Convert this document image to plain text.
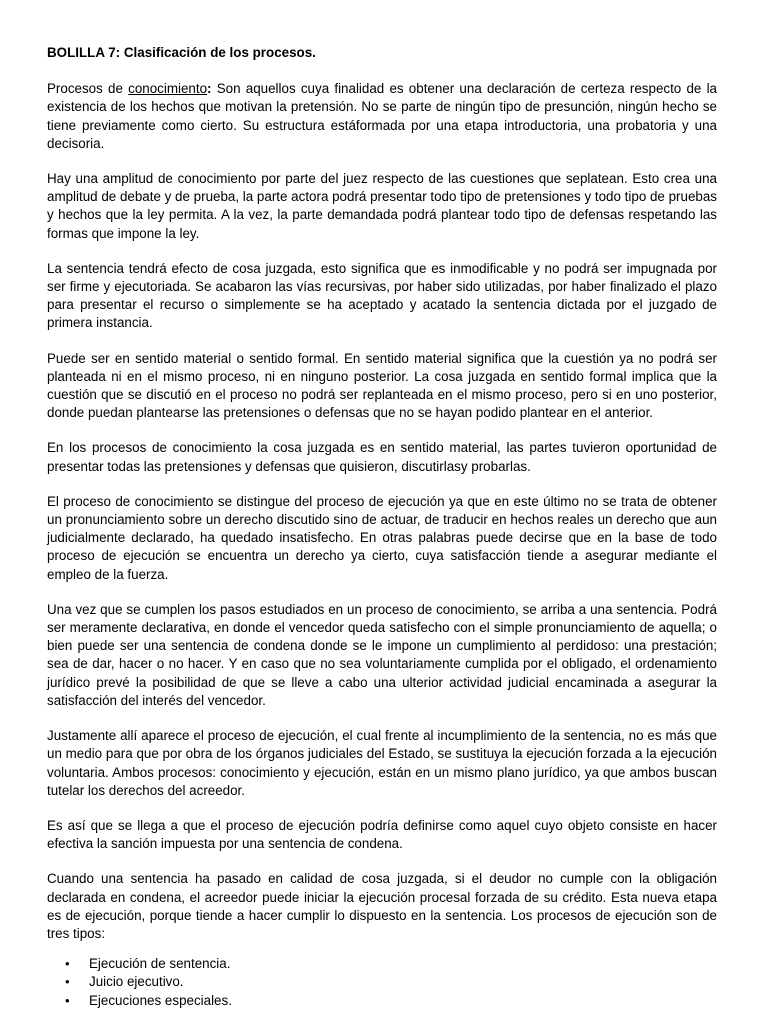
BOLILLA 7: Clasificación de los procesos.

Procesos de conocimiento: Son aquellos cuya finalidad es obtener una declaración de certeza respecto de la existencia de los hechos que motivan la pretensión. No se parte de ningún tipo de presunción, ningún hecho se tiene previamente como cierto. Su estructura estáformada por una etapa introductoria, una probatoria y una decisoria.

Hay una amplitud de conocimiento por parte del juez respecto de las cuestiones que seplatean. Esto crea una amplitud de debate y de prueba, la parte actora podrá presentar todo tipo de pretensiones y todo tipo de pruebas y hechos que la ley permita. A la vez, la parte demandada podrá plantear todo tipo de defensas respetando las formas que impone la ley.

La sentencia tendrá efecto de cosa juzgada, esto significa que es inmodificable y no podrá ser impugnada por ser firme y ejecutoriada. Se acabaron las vías recursivas, por haber sido utilizadas, por haber finalizado el plazo para presentar el recurso o simplemente se ha aceptado y acatado la sentencia dictada por el juzgado de primera instancia.

Puede ser en sentido material o sentido formal. En sentido material significa que la cuestión ya no podrá ser planteada ni en el mismo proceso, ni en ninguno posterior. La cosa juzgada en sentido formal implica que la cuestión que se discutió en el proceso no podrá ser replanteada en el mismo proceso, pero si en uno posterior, donde puedan plantearse las pretensiones o defensas que no se hayan podido plantear en el anterior.

En los procesos de conocimiento la cosa juzgada es en sentido material, las partes tuvieron oportunidad de presentar todas las pretensiones y defensas que quisieron, discutirlasy probarlas.

El proceso de conocimiento se distingue del proceso de ejecución ya que en este último no se trata de obtener un pronunciamiento sobre un derecho discutido sino de actuar, de traducir en hechos reales un derecho que aun judicialmente declarado, ha quedado insatisfecho. En otras palabras puede decirse que en la base de todo proceso de ejecución se encuentra un derecho ya cierto, cuya satisfacción tiende a asegurar mediante el empleo de la fuerza.

Una vez que se cumplen los pasos estudiados en un proceso de conocimiento, se arriba a una sentencia. Podrá ser meramente declarativa, en donde el vencedor queda satisfecho con el simple pronunciamiento de aquella; o bien puede ser una sentencia de condena donde se le impone un cumplimiento al perdidoso: una prestación; sea de dar, hacer o no hacer. Y en caso que no sea voluntariamente cumplida por el obligado, el ordenamiento jurídico prevé la posibilidad de que se lleve a cabo una ulterior actividad judicial encaminada a asegurar la satisfacción del interés del vencedor.

Justamente allí aparece el proceso de ejecución, el cual frente al incumplimiento de la sentencia, no es más que un medio para que por obra de los órganos judiciales del Estado, se sustituya la ejecución forzada a la ejecución voluntaria. Ambos procesos: conocimiento y ejecución, están en un mismo plano jurídico, ya que ambos buscan tutelar los derechos del acreedor.

Es así que se llega a que el proceso de ejecución podría definirse como aquel cuyo objeto consiste en hacer efectiva la sanción impuesta por una sentencia de condena.

Cuando una sentencia ha pasado en calidad de cosa juzgada, si el deudor no cumple con la obligación declarada en condena, el acreedor puede iniciar la ejecución procesal forzada de su crédito. Esta nueva etapa es de ejecución, porque tiende a hacer cumplir lo dispuesto en la sentencia. Los procesos de ejecución son de tres tipos:

• Ejecución de sentencia.
• Juicio ejecutivo.
• Ejecuciones especiales.
